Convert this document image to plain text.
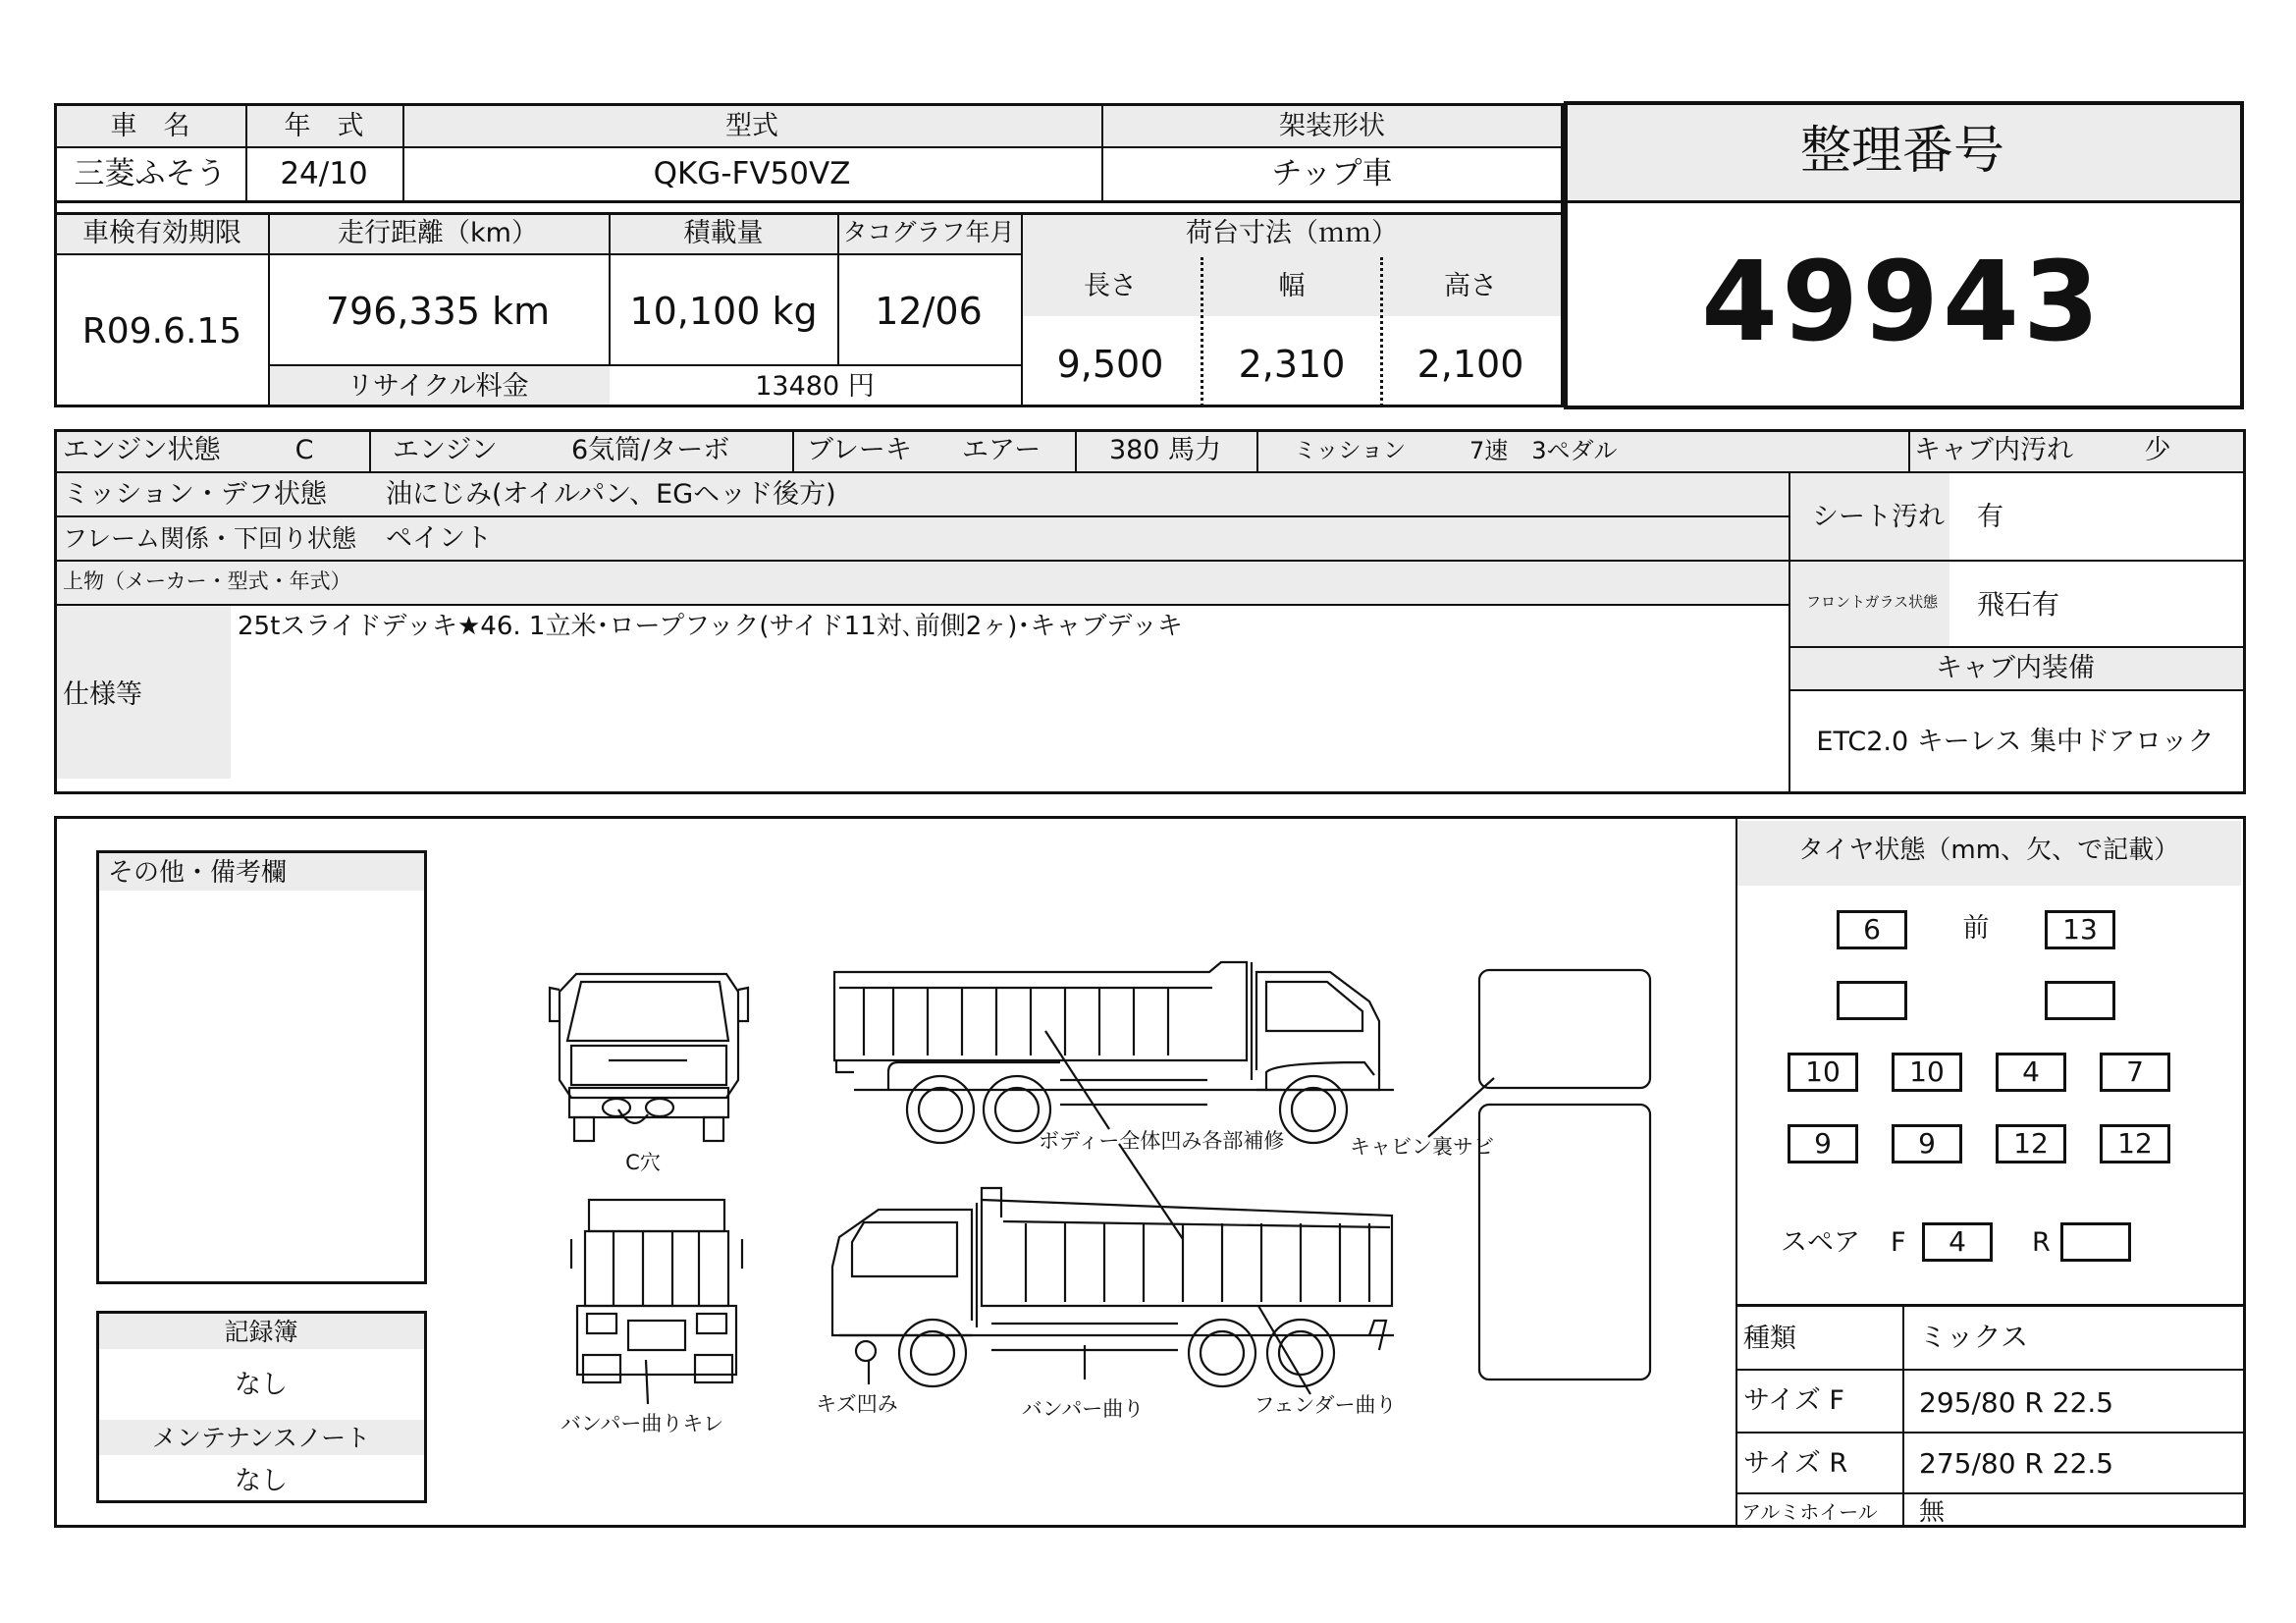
車　名	年　式	型式	架装形状
三菱ふそう 24/10	QKG-FV50VZ	チップ車	整理番号
49943
車検有効期限	走行距離（km）	積載量	タコグラフ年月	荷台寸法（ｍｍ）
R09.6.15 796,335 km 10,100 kg 12/06
長さ	幅	高さ
9,500 2,310 2,100
リサイクル料金	13480 円
エンジン状態	C	エンジン	6気筒/ターボ	ブレーキ エアー	380 馬力	ミッション	7速　3ペダル	キャブ内汚れ	少
ミッション・デフ状態 油にじみ(オイルパン、EGヘッド後方)
フレーム関係・下回り状態 ペイント
上物（メーカー・型式・年式）
仕様等
25tスライドデッキ★46. 1立米･ロープフック(サイド11対､前側2ヶ)･キャブデッキ
シート汚れ 有
フロントガラス状態 飛石有
キャブ内装備
ETC2.0 キーレス 集中ドアロック
その他・備考欄
記録簿
なし
メンテナンスノート
なし
C穴
ボディー全体凹み各部補修	キャビン裏サビ
バンパー曲りキレ
キズ凹み	バンパー曲り	フェンダー曲り
タイヤ状態（mm、欠、で記載）
6	前	13
10	10	4	7
9	9	12	12
スペア F	4	R
種類	ミックス
サイズ F	295/80 R 22.5
サイズ R	275/80 R 22.5
アルミホイール 無
